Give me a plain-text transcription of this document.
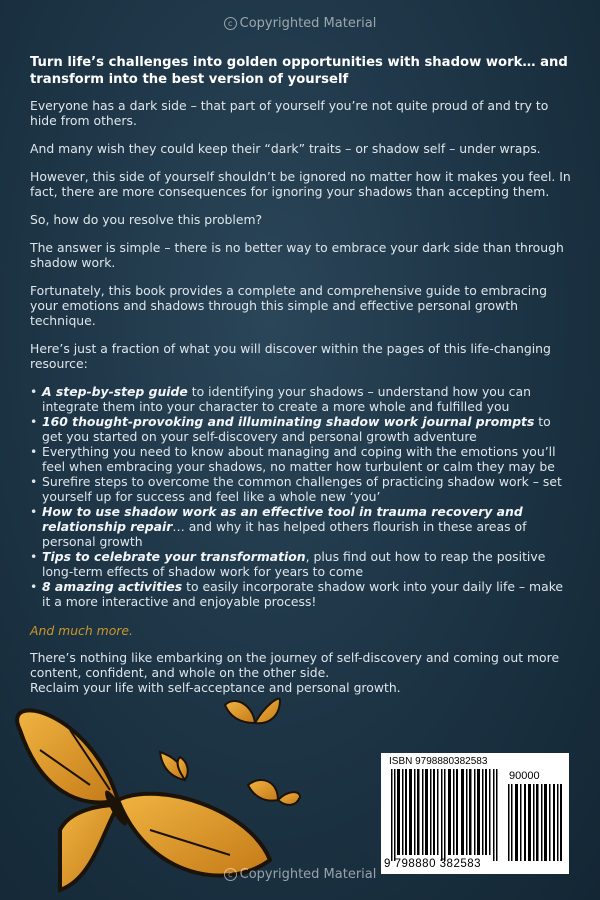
c Copyrighted Material

Turn life’s challenges into golden opportunities with shadow work… and transform into the best version of yourself

Everyone has a dark side – that part of yourself you’re not quite proud of and try to hide from others.

And many wish they could keep their “dark” traits – or shadow self – under wraps.

However, this side of yourself shouldn’t be ignored no matter how it makes you feel. In fact, there are more consequences for ignoring your shadows than accepting them.

So, how do you resolve this problem?

The answer is simple – there is no better way to embrace your dark side than through shadow work.

Fortunately, this book provides a complete and comprehensive guide to embracing your emotions and shadows through this simple and effective personal growth technique.

Here’s just a fraction of what you will discover within the pages of this life-changing resource:

• A step-by-step guide to identifying your shadows – understand how you can integrate them into your character to create a more whole and fulfilled you
• 160 thought-provoking and illuminating shadow work journal prompts to get you started on your self-discovery and personal growth adventure
• Everything you need to know about managing and coping with the emotions you’ll feel when embracing your shadows, no matter how turbulent or calm they may be
• Surefire steps to overcome the common challenges of practicing shadow work – set yourself up for success and feel like a whole new ‘you’
• How to use shadow work as an effective tool in trauma recovery and relationship repair… and why it has helped others flourish in these areas of personal growth
• Tips to celebrate your transformation, plus find out how to reap the positive long-term effects of shadow work for years to come
• 8 amazing activities to easily incorporate shadow work into your daily life – make it a more interactive and enjoyable process!

And much more.

There’s nothing like embarking on the journey of self-discovery and coming out more content, confident, and whole on the other side.

Reclaim your life with self-acceptance and personal growth.

ISBN 9798880382583
90000
9 798880 382583
c Copyrighted Material
